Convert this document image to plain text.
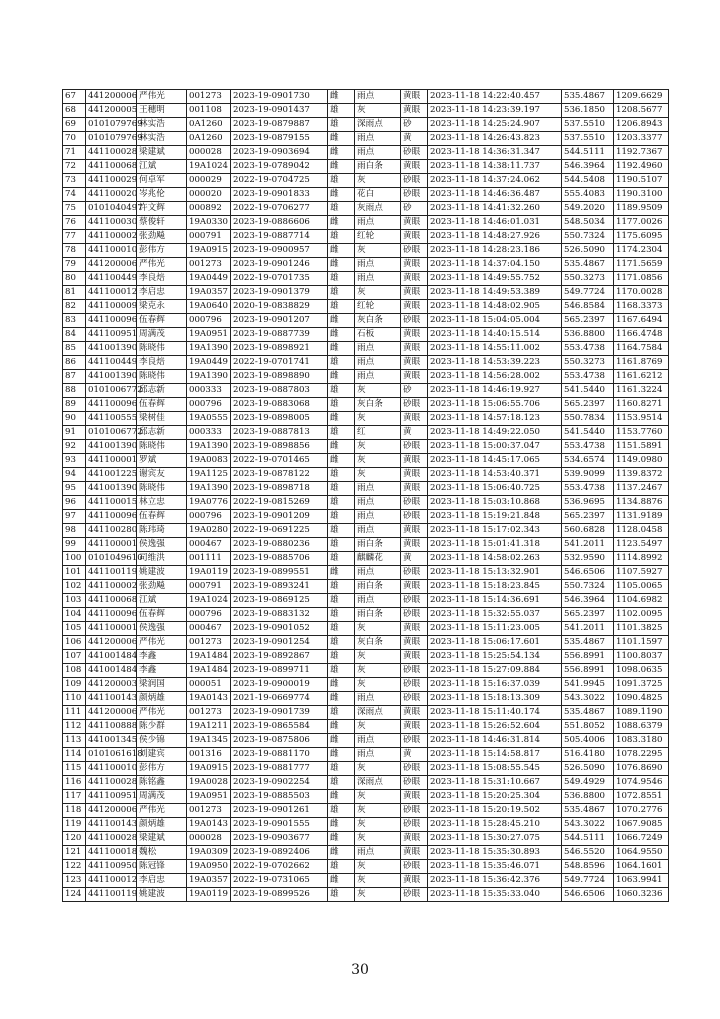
67	441200006	严伟光	001273	2023-19-0901730	雌	雨点	黄眼	2023-11-18 14:22:40.457	535.4867	1209.6629
68	441200005	王穗明	001108	2023-19-0901437	雄	灰	黄眼	2023-11-18 14:23:39.197	536.1850	1208.5677
69	0101079769	林实浩	0A1260	2023-19-0879887	雄	深雨点	砂	2023-11-18 14:25:24.907	537.5510	1206.8943
70	0101079769	林实浩	0A1260	2023-19-0879155	雌	雨点	黄	2023-11-18 14:26:43.823	537.5510	1203.3377
71	441100028	梁建斌	000028	2023-19-0903694	雌	雨点	砂眼	2023-11-18 14:36:31.347	544.5111	1192.7367
72	441100068	江斌	19A1024	2023-19-0789042	雌	雨白条	黄眼	2023-11-18 14:38:11.737	546.3964	1192.4960
73	441100029	何卓军	000029	2022-19-0704725	雄	灰	砂眼	2023-11-18 14:37:24.062	544.5408	1190.5107
74	441100020	岑兆伦	000020	2023-19-0901833	雌	花白	砂眼	2023-11-18 14:46:36.487	555.4083	1190.3100
75	0101040497	许文辉	000892	2022-19-0706277	雄	灰雨点	砂	2023-11-18 14:41:32.260	549.2020	1189.9509
76	441100030	蔡俊轩	19A0330	2023-19-0886606	雌	雨点	黄眼	2023-11-18 14:46:01.031	548.5034	1177.0026
77	441100002	张劲飚	000791	2023-19-0887714	雄	红轮	黄眼	2023-11-18 14:48:27.926	550.7324	1175.6095
78	441100010	彭伟方	19A0915	2023-19-0900957	雌	灰	砂眼	2023-11-18 14:28:23.186	526.5090	1174.2304
79	441200006	严伟光	001273	2023-19-0901246	雌	雨点	黄眼	2023-11-18 14:37:04.150	535.4867	1171.5659
80	441100449	李良焙	19A0449	2022-19-0701735	雄	雨点	黄眼	2023-11-18 14:49:55.752	550.3273	1171.0856
81	441100012	李启忠	19A0357	2023-19-0901379	雄	灰	黄眼	2023-11-18 14:49:53.389	549.7724	1170.0028
82	441100009	梁克永	19A0640	2020-19-0838829	雄	红轮	黄眼	2023-11-18 14:48:02.905	546.8584	1168.3373
83	441100096	伍春辉	000796	2023-19-0901207	雌	灰白条	砂眼	2023-11-18 15:04:05.004	565.2397	1167.6494
84	441100951	周满茂	19A0951	2023-19-0887739	雌	石板	黄眼	2023-11-18 14:40:15.514	536.8800	1166.4748
85	441001390	陈晓伟	19A1390	2023-19-0898921	雌	雨点	黄眼	2023-11-18 14:55:11.002	553.4738	1164.7584
86	441100449	李良焙	19A0449	2022-19-0701741	雄	雨点	黄眼	2023-11-18 14:53:39.223	550.3273	1161.8769
87	441001390	陈晓伟	19A1390	2023-19-0898890	雌	雨点	黄眼	2023-11-18 14:56:28.002	553.4738	1161.6212
88	0101006772	邱志新	000333	2023-19-0887803	雄	灰	砂	2023-11-18 14:46:19.927	541.5440	1161.3224
89	441100096	伍春辉	000796	2023-19-0883068	雄	灰白条	砂眼	2023-11-18 15:06:55.706	565.2397	1160.8271
90	441100555	梁树佳	19A0555	2023-19-0898005	雌	灰	黄眼	2023-11-18 14:57:18.123	550.7834	1153.9514
91	0101006772	邱志新	000333	2023-19-0887813	雄	红	黄	2023-11-18 14:49:22.050	541.5440	1153.7760
92	441001390	陈晓伟	19A1390	2023-19-0898856	雌	灰	砂眼	2023-11-18 15:00:37.047	553.4738	1151.5891
93	441100001	罗斌	19A0083	2022-19-0701465	雌	灰	黄眼	2023-11-18 14:45:17.065	534.6574	1149.0980
94	441001225	谢宾友	19A1125	2023-19-0878122	雄	灰	黄眼	2023-11-18 14:53:40.371	539.9099	1139.8372
95	441001390	陈晓伟	19A1390	2023-19-0898718	雄	雨点	黄眼	2023-11-18 15:06:40.725	553.4738	1137.2467
96	441100015	林立忠	19A0776	2022-19-0815269	雄	雨点	砂眼	2023-11-18 15:03:10.868	536.9695	1134.8876
97	441100096	伍春辉	000796	2023-19-0901209	雄	雨点	砂眼	2023-11-18 15:19:21.848	565.2397	1131.9189
98	441100280	陈玮琦	19A0280	2022-19-0691225	雄	雨点	黄眼	2023-11-18 15:17:02.343	560.6828	1128.0458
99	441100001	侯逸强	000467	2023-19-0880236	雄	雨白条	黄眼	2023-11-18 15:01:41.318	541.2011	1123.5497
100	0101049610	司维洪	001111	2023-19-0885706	雄	麒麟花	黄	2023-11-18 14:58:02.263	532.9590	1114.8992
101	441100119	姚建波	19A0119	2023-19-0899551	雌	雨点	砂眼	2023-11-18 15:13:32.901	546.6506	1107.5927
102	441100002	张劲飚	000791	2023-19-0893241	雄	雨白条	黄眼	2023-11-18 15:18:23.845	550.7324	1105.0065
103	441100068	江斌	19A1024	2023-19-0869125	雄	雨点	砂眼	2023-11-18 15:14:36.691	546.3964	1104.6982
104	441100096	伍春辉	000796	2023-19-0883132	雄	雨白条	砂眼	2023-11-18 15:32:55.037	565.2397	1102.0095
105	441100001	侯逸强	000467	2023-19-0901052	雄	灰	黄眼	2023-11-18 15:11:23.005	541.2011	1101.3825
106	441200006	严伟光	001273	2023-19-0901254	雄	灰白条	黄眼	2023-11-18 15:06:17.601	535.4867	1101.1597
107	441001484	李鑫	19A1484	2023-19-0892867	雄	灰	黄眼	2023-11-18 15:25:54.134	556.8991	1100.8037
108	441001484	李鑫	19A1484	2023-19-0899711	雄	灰	砂眼	2023-11-18 15:27:09.884	556.8991	1098.0635
109	441200003	梁润国	000051	2023-19-0900019	雌	灰	砂眼	2023-11-18 15:16:37.039	541.9945	1091.3725
110	441100143	颜炳雄	19A0143	2021-19-0669774	雌	雨点	砂眼	2023-11-18 15:18:13.309	543.3022	1090.4825
111	441200006	严伟光	001273	2023-19-0901739	雄	深雨点	黄眼	2023-11-18 15:11:40.174	535.4867	1089.1190
112	441100888	陈少群	19A1211	2023-19-0865584	雌	灰	黄眼	2023-11-18 15:26:52.604	551.8052	1088.6379
113	441001345	侯少锦	19A1345	2023-19-0875806	雌	雨点	砂眼	2023-11-18 14:46:31.814	505.4006	1083.3180
114	0101061618	刘建宾	001316	2023-19-0881170	雌	雨点	黄	2023-11-18 15:14:58.817	516.4180	1078.2295
115	441100010	彭伟方	19A0915	2023-19-0881777	雄	灰	砂眼	2023-11-18 15:08:55.545	526.5090	1076.8690
116	441100028	陈铭鑫	19A0028	2023-19-0902254	雄	深雨点	砂眼	2023-11-18 15:31:10.667	549.4929	1074.9546
117	441100951	周满茂	19A0951	2023-19-0885503	雌	灰	黄眼	2023-11-18 15:20:25.304	536.8800	1072.8551
118	441200006	严伟光	001273	2023-19-0901261	雄	灰	砂眼	2023-11-18 15:20:19.502	535.4867	1070.2776
119	441100143	颜炳雄	19A0143	2023-19-0901555	雌	灰	砂眼	2023-11-18 15:28:45.210	543.3022	1067.9085
120	441100028	梁建斌	000028	2023-19-0903677	雌	灰	黄眼	2023-11-18 15:30:27.075	544.5111	1066.7249
121	441100018	魏松	19A0309	2023-19-0892406	雌	雨点	黄眼	2023-11-18 15:35:30.893	546.5520	1064.9550
122	441100950	陈冠锋	19A0950	2022-19-0702662	雄	灰	砂眼	2023-11-18 15:35:46.071	548.8596	1064.1601
123	441100012	李启忠	19A0357	2022-19-0731065	雌	灰	黄眼	2023-11-18 15:36:42.376	549.7724	1063.9941
124	441100119	姚建波	19A0119	2023-19-0899526	雄	灰	砂眼	2023-11-18 15:35:33.040	546.6506	1060.3236
30
